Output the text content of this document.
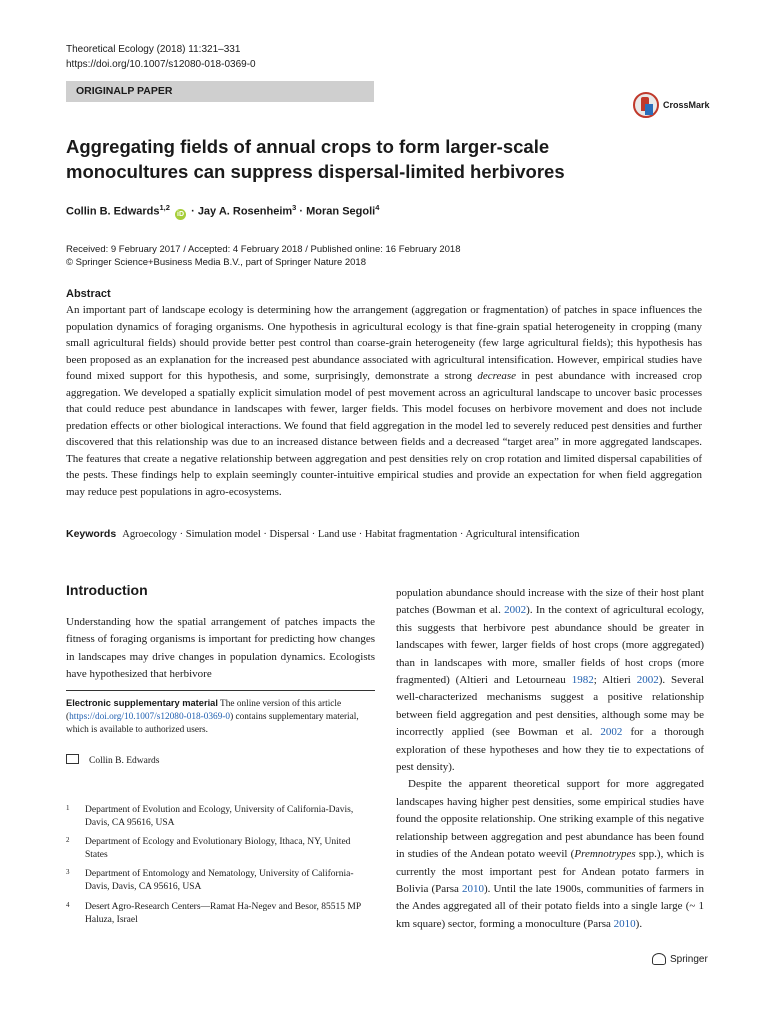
Theoretical Ecology (2018) 11:321–331
https://doi.org/10.1007/s12080-018-0369-0
ORIGINALP PAPER
CrossMark
Aggregating fields of annual crops to form larger-scale monocultures can suppress dispersal-limited herbivores
Collin B. Edwards$^{1,2}$ iD · Jay A. Rosenheim$^3$ · Moran Segoli$^4$
Received: 9 February 2017 / Accepted: 4 February 2018 / Published online: 16 February 2018
© Springer Science+Business Media B.V., part of Springer Nature 2018
Abstract
An important part of landscape ecology is determining how the arrangement (aggregation or fragmentation) of patches in space influences the population dynamics of foraging organisms. One hypothesis in agricultural ecology is that fine-grain spatial heterogeneity in cropping (many small agricultural fields) should provide better pest control than coarse-grain heterogeneity (few large agricultural fields); this hypothesis has been proposed as an explanation for the increased pest abundance associated with agricultural intensification. However, empirical studies have found mixed support for this hypothesis, and some, surprisingly, demonstrate a strong decrease in pest abundance with increased crop aggregation. We developed a spatially explicit simulation model of pest movement across an agricultural landscape to uncover basic processes that could reduce pest abundance in landscapes with fewer, larger fields. This model focuses on herbivore movement and does not include predation effects or other biological interactions. We found that field aggregation in the model led to severely reduced pest densities and further discovered that this relationship was due to an increased distance between fields and a decreased “target area” in more aggregated landscapes. The features that create a negative relationship between aggregation and pest densities rely on crop rotation and limited dispersal capabilities of the pests. These findings help to explain seemingly counter-intuitive empirical studies and provide an expectation for when field aggregation may reduce pest populations in agro-ecosystems.
Keywords Agroecology · Simulation model · Dispersal · Land use · Habitat fragmentation · Agricultural intensification
Introduction
Understanding how the spatial arrangement of patches impacts the fitness of foraging organisms is important for predicting how changes in landscapes may drive changes in population dynamics. Ecologists have hypothesized that herbivore
Electronic supplementary material The online version of this article (https://doi.org/10.1007/s12080-018-0369-0) contains supplementary material, which is available to authorized users.
Collin B. Edwards
1 Department of Evolution and Ecology, University of California-Davis, Davis, CA 95616, USA
2 Department of Ecology and Evolutionary Biology, Ithaca, NY, United States
3 Department of Entomology and Nematology, University of California-Davis, Davis, CA 95616, USA
4 Desert Agro-Research Centers—Ramat Ha-Negev and Besor, 85515 MP Haluza, Israel

population abundance should increase with the size of their host plant patches (Bowman et al. 2002). In the context of agricultural ecology, this suggests that herbivore pest abundance should be greater in landscapes with fewer, larger fields of host crops (more aggregated) than in landscapes with more, smaller fields of host crops (more fragmented) (Altieri and Letourneau 1982; Altieri 2002). Several well-characterized mechanisms suggest a positive relationship between field aggregation and pest densities, although some may be incorrectly applied (see Bowman et al. 2002 for a thorough exploration of these hypotheses and how they tie to expectations of pest density).

Despite the apparent theoretical support for more aggregated landscapes having higher pest densities, some empirical studies have found the opposite relationship. One striking example of this negative relationship between aggregation and pest abundance has been found in studies of the Andean potato weevil (Premnotrypes spp.), which is currently the most important pest for Andean potato farmers in Bolivia (Parsa 2010). Until the late 1900s, communities of farmers in the Andes aggregated all of their potato fields into a single large (~ 1 km square) sector, forming a monoculture (Parsa 2010).

Springer
